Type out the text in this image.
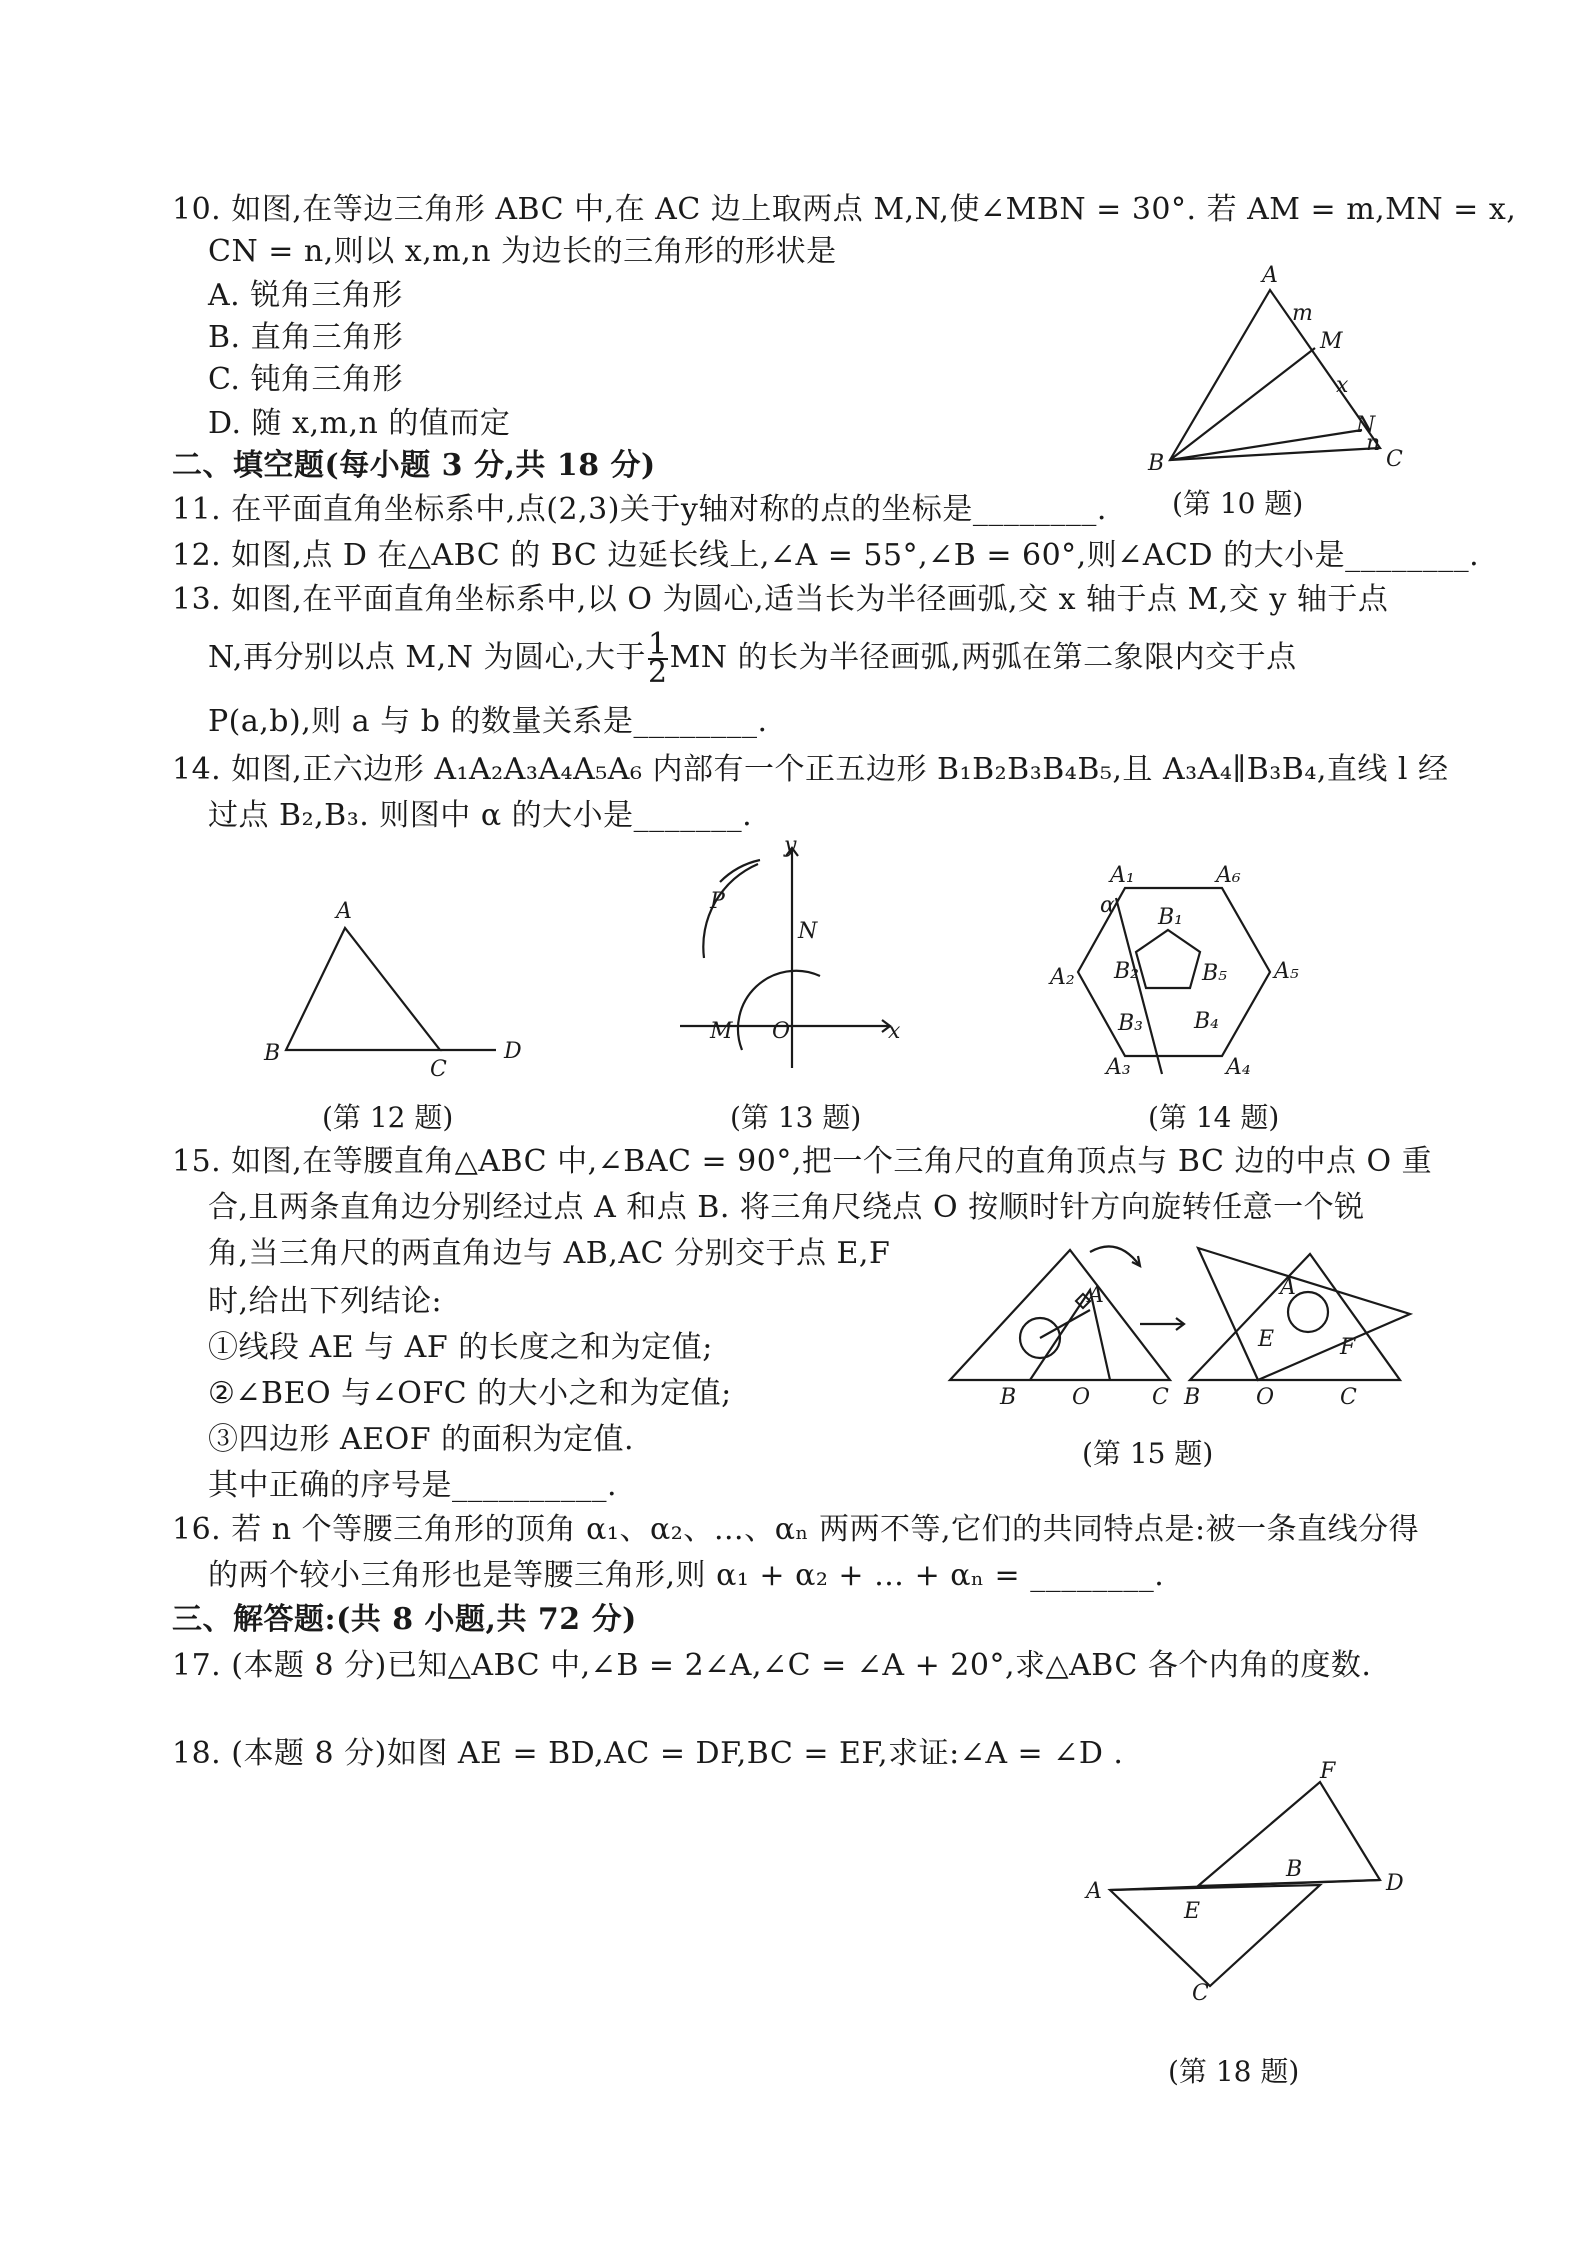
10. 如图,在等边三角形 ABC 中,在 AC 边上取两点 M,N,使∠MBN = 30°. 若 AM = m,MN = x,
CN = n,则以 x,m,n 为边长的三角形的形状是
A. 锐角三角形
B. 直角三角形
C. 钝角三角形
D. 随 x,m,n 的值而定
A
m
M
x
N
n
B	C
(第 10 题)
二、填空题(每小题 3 分,共 18 分)
11. 在平面直角坐标系中,点(2,3)关于y轴对称的点的坐标是________.
12. 如图,点 D 在△ABC 的 BC 边延长线上,∠A = 55°,∠B = 60°,则∠ACD 的大小是________.
13. 如图,在平面直角坐标系中,以 O 为圆心,适当长为半径画弧,交 x 轴于点 M,交 y 轴于点
N,再分别以点 M,N 为圆心,大于 $\frac{1}{2}$ MN 的长为半径画弧,两弧在第二象限内交于点
P(a,b),则 a 与 b 的数量关系是________.
14. 如图,正六边形 A₁A₂A₃A₄A₅A₆ 内部有一个正五边形 B₁B₂B₃B₄B₅,且 A₃A₄∥B₃B₄,直线 l 经
过点 B₂,B₃. 则图中 α 的大小是_______.
A
B
C
D
(第 12 题)
y
x
P
N
M O
(第 13 题)
A₁	A₆
A₂	A₅
A₃	A₄
B₁
B₂	B₅
B₃ B₄
α
(第 14 题)
15. 如图,在等腰直角△ABC 中,∠BAC = 90°,把一个三角尺的直角顶点与 BC 边的中点 O 重
合,且两条直角边分别经过点 A 和点 B. 将三角尺绕点 O 按顺时针方向旋转任意一个锐
角,当三角尺的两直角边与 AB,AC 分别交于点 E,F
时,给出下列结论:
①线段 AE 与 AF 的长度之和为定值;
②∠BEO 与∠OFC 的大小之和为定值;
③四边形 AEOF 的面积为定值.
其中正确的序号是__________.
A
B	O	C
E
A
F
B	O	C
(第 15 题)
16. 若 n 个等腰三角形的顶角 α₁、α₂、…、αₙ 两两不等,它们的共同特点是:被一条直线分得
的两个较小三角形也是等腰三角形,则 α₁ + α₂ + … + αₙ = ________.
三、解答题:(共 8 小题,共 72 分)
17. (本题 8 分)已知△ABC 中,∠B = 2∠A,∠C = ∠A + 20°,求△ABC 各个内角的度数.
18. (本题 8 分)如图 AE = BD,AC = DF,BC = EF,求证:∠A = ∠D .
A
E
B
D
F
C
(第 18 题)
